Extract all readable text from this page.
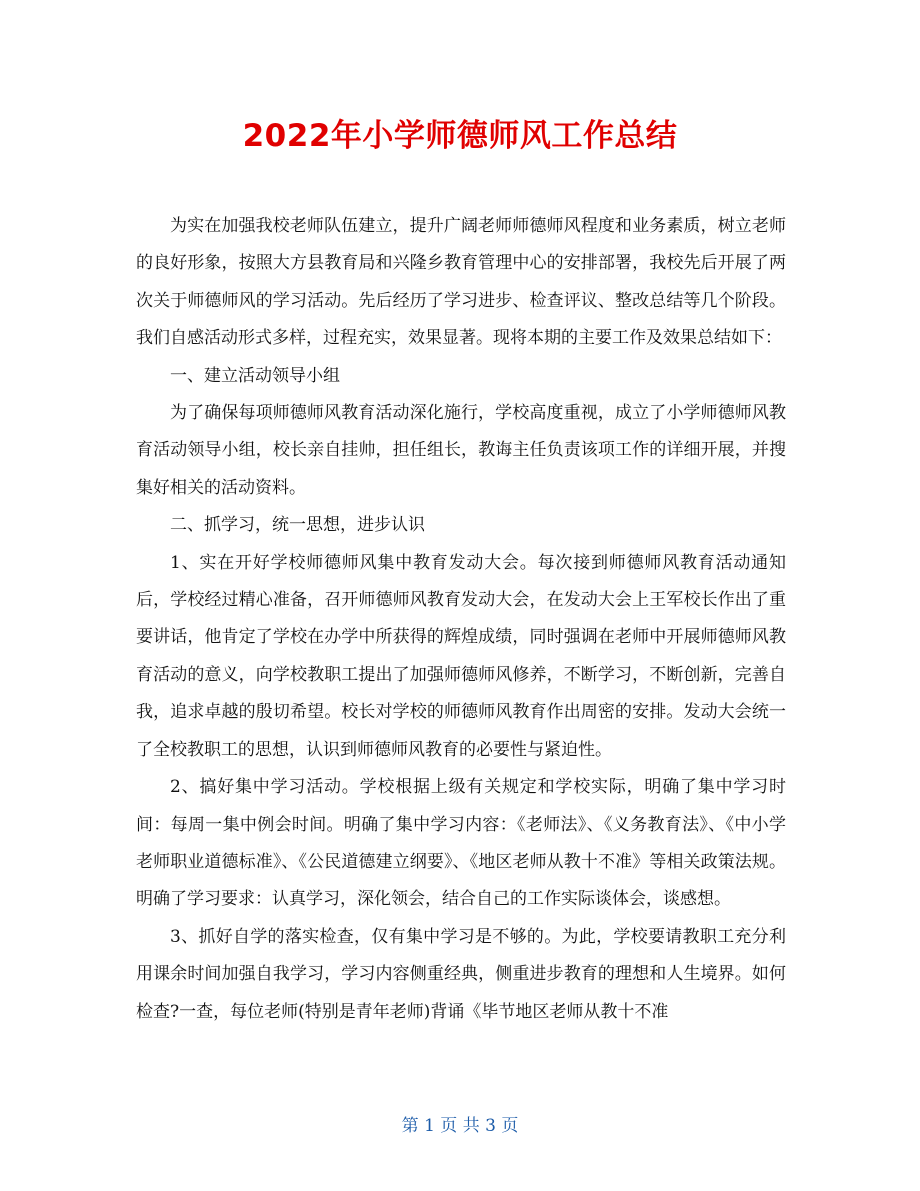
2022年小学师德师风工作总结

为实在加强我校老师队伍建立，提升广阔老师师德师风程度和业务素质，树立老师的良好形象，按照大方县教育局和兴隆乡教育管理中心的安排部署，我校先后开展了两次关于师德师风的学习活动。先后经历了学习进步、检查评议、整改总结等几个阶段。我们自感活动形式多样，过程充实，效果显著。现将本期的主要工作及效果总结如下：

一、建立活动领导小组

为了确保每项师德师风教育活动深化施行，学校高度重视，成立了小学师德师风教育活动领导小组，校长亲自挂帅，担任组长，教诲主任负责该项工作的详细开展，并搜集好相关的活动资料。

二、抓学习，统一思想，进步认识

1、实在开好学校师德师风集中教育发动大会。每次接到师德师风教育活动通知后，学校经过精心准备，召开师德师风教育发动大会，在发动大会上王军校长作出了重要讲话，他肯定了学校在办学中所获得的辉煌成绩，同时强调在老师中开展师德师风教育活动的意义，向学校教职工提出了加强师德师风修养，不断学习，不断创新，完善自我，追求卓越的殷切希望。校长对学校的师德师风教育作出周密的安排。发动大会统一了全校教职工的思想，认识到师德师风教育的必要性与紧迫性。

2、搞好集中学习活动。学校根据上级有关规定和学校实际，明确了集中学习时间：每周一集中例会时间。明确了集中学习内容：《老师法》、《义务教育法》、《中小学老师职业道德标准》、《公民道德建立纲要》、《地区老师从教十不准》等相关政策法规。明确了学习要求：认真学习，深化领会，结合自己的工作实际谈体会，谈感想。

3、抓好自学的落实检查，仅有集中学习是不够的。为此，学校要请教职工充分利用课余时间加强自我学习，学习内容侧重经典，侧重进步教育的理想和人生境界。如何检查?一查，每位老师(特别是青年老师)背诵《毕节地区老师从教十不准

第 1 页 共 3 页
